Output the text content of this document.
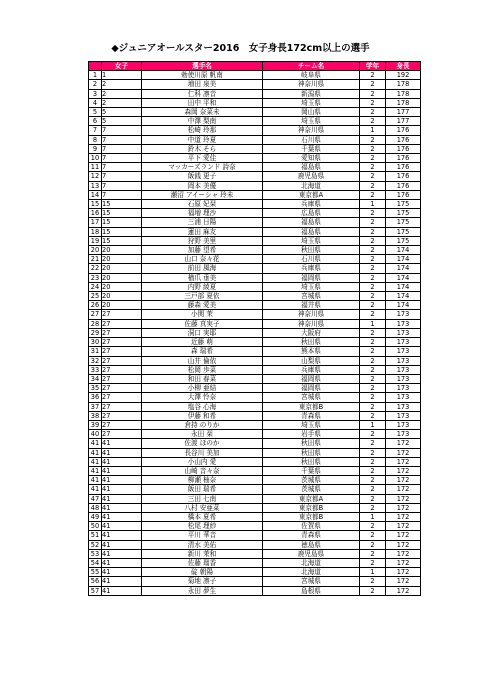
◆ジュニアオールスター2016　女子身長172cm以上の選手
	女子	選手名	チーム名	学年	身長
1	1	勅使川原 帆南	岐阜県	2	192
2	2	増田 泉美	神奈川県	2	178
3	2	仁科 凛音	新潟県	2	178
4	2	田中 平和	埼玉県	2	178
5	5	森岡 奈菜未	岡山県	2	177
6	5	中澤 梨南	埼玉県	2	177
7	7	松崎 玲那	神奈川県	1	176
8	7	中道 玲夏	石川県	2	176
9	7	鈴木 そら	千葉県	2	176
10	7	平下 愛佳	愛知県	2	176
11	7	マッカーズランド 詩奈	福島県	2	176
12	7	飯銭 更子	鹿児島県	2	176
13	7	岡本 美優	北海道	2	176
14	7	瀬沼 アイーシャ 玲未	東京都A	2	176
15	15	石原 妃栞	兵庫県	1	175
16	15	福増 理沙	広島県	2	175
17	15	三浦 日陽	福島県	2	175
18	15	蓮田 麻友	福島県	2	175
19	15	狩野 美里	埼玉県	2	175
20	20	加藤 望希	秋田県	2	174
21	20	山口 奈々花	石川県	2	174
22	20	前田 風海	兵庫県	2	174
23	20	楢爪 垂美	福岡県	2	174
24	20	内野 綾夏	埼玉県	2	174
25	20	三戸部 夏依	宮城県	2	174
26	20	藤森 愛美	福井県	2	174
27	27	小関 茉	神奈川県	2	173
28	27	佐藤 真実子	神奈川県	1	173
29	27	洞口 実耶	大阪府	2	173
30	27	近藤 萌	秋田県	2	173
31	27	森 瑞希	熊本県	2	173
32	27	山井 倫依	山梨県	2	173
33	27	松岡 歩菜	兵庫県	2	173
34	27	和田 春菜	福岡県	2	173
35	27	小柳 亜結	福岡県	2	173
36	27	大澤 怜奈	宮城県	2	173
37	27	塩谷 心海	東京都B	2	173
38	27	伊藤 和希	青森県	2	173
39	27	倉持 のりか	埼玉県	1	173
40	27	永田 栞	岩手県	2	173
41	41	佐渡 ほのか	秋田県	2	172
41	41	長谷川 美加	秋田県	2	172
41	41	小山内 愛	秋田県	2	172
41	41	山崎 音々奈	千葉県	2	172
41	41	柳瀬 柚奈	茨城県	2	172
41	41	飯田 瑞希	茨城県	2	172
47	41	三田 七南	東京都A	2	172
48	41	八村 安亜菜	東京都B	2	172
49	41	橋本 夏希	東京都B	1	172
50	41	松尾 理紗	佐賀県	2	172
51	41	平川 華音	青森県	2	172
52	41	清水 美佑	徳島県	2	172
53	41	新川 茉和	鹿児島県	2	172
54	41	佐藤 瑠香	北海道	2	172
55	41	碇 朝陽	北海道	1	172
56	41	菊地 凛子	宮城県	2	172
57	41	永田 夢生	島根県	2	172
